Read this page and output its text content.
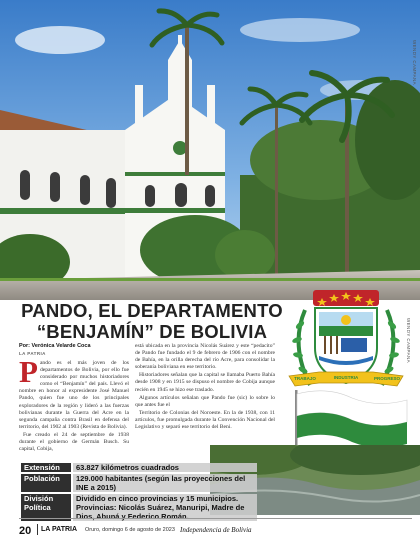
WENDY CAMPANA
PANDO, EL DEPARTAMENTO
“BENJAMÍN” DE BOLIVIA
Por: Verónica Velarde Coca
LA PATRIA

Pando es el más joven de los departamentos de Bolivia, por ello fue considerado por muchos historiadores como el “Benjamín” del país. Llevó el nombre en honor al expresidente José Manuel Pando, quien fue uno de los principales exploradores de la región y lideró a las fuerzas bolivianas durante la Guerra del Acre en la segunda campaña contra Brasil en defensa del territorio, del 1902 al 1903 (Revista de Bolivia).

Fue creado el 24 de septiembre de 1938 durante el gobierno de Germán Busch. Su capital, Cobija,

está ubicada en la provincia Nicolás Suárez y este “pedacito” de Pando fue fundado el 9 de febrero de 1906 con el nombre de Bahía, en la orilla derecha del río Acre, para consolidar la soberanía boliviana en ese territorio.

Historiadores señalan que la capital se llamaba Puerto Bahía desde 1908 y en 1915 se dispuso el nombre de Cobija aunque recién en 1945 se hizo ese traslado.

Algunos artículos señalan que Pando fue (sic) lo sobre lo que antes fue el

Territorio de Colonias del Noroeste. En la de 1938, con 11 artículos, fue promulgada durante la Convención Nacional del Legislativo y separó ese territorio del Beni.

TRABAJO	INDUSTRIA	PROGRESO
WENDY CAMPANA
Extensión	63.827 kilómetros cuadrados
Población	129.000 habitantes (según las proyecciones del INE a 2015)
División Política	Dividido en cinco provincias y 15 municipios. Provincias: Nicolás Suárez, Manuripi, Madre de Dios, Abuná y Federico Román.
20 LA PATRIA Oruro, domingo 6 de agosto de 2023 Independencia de Bolivia
